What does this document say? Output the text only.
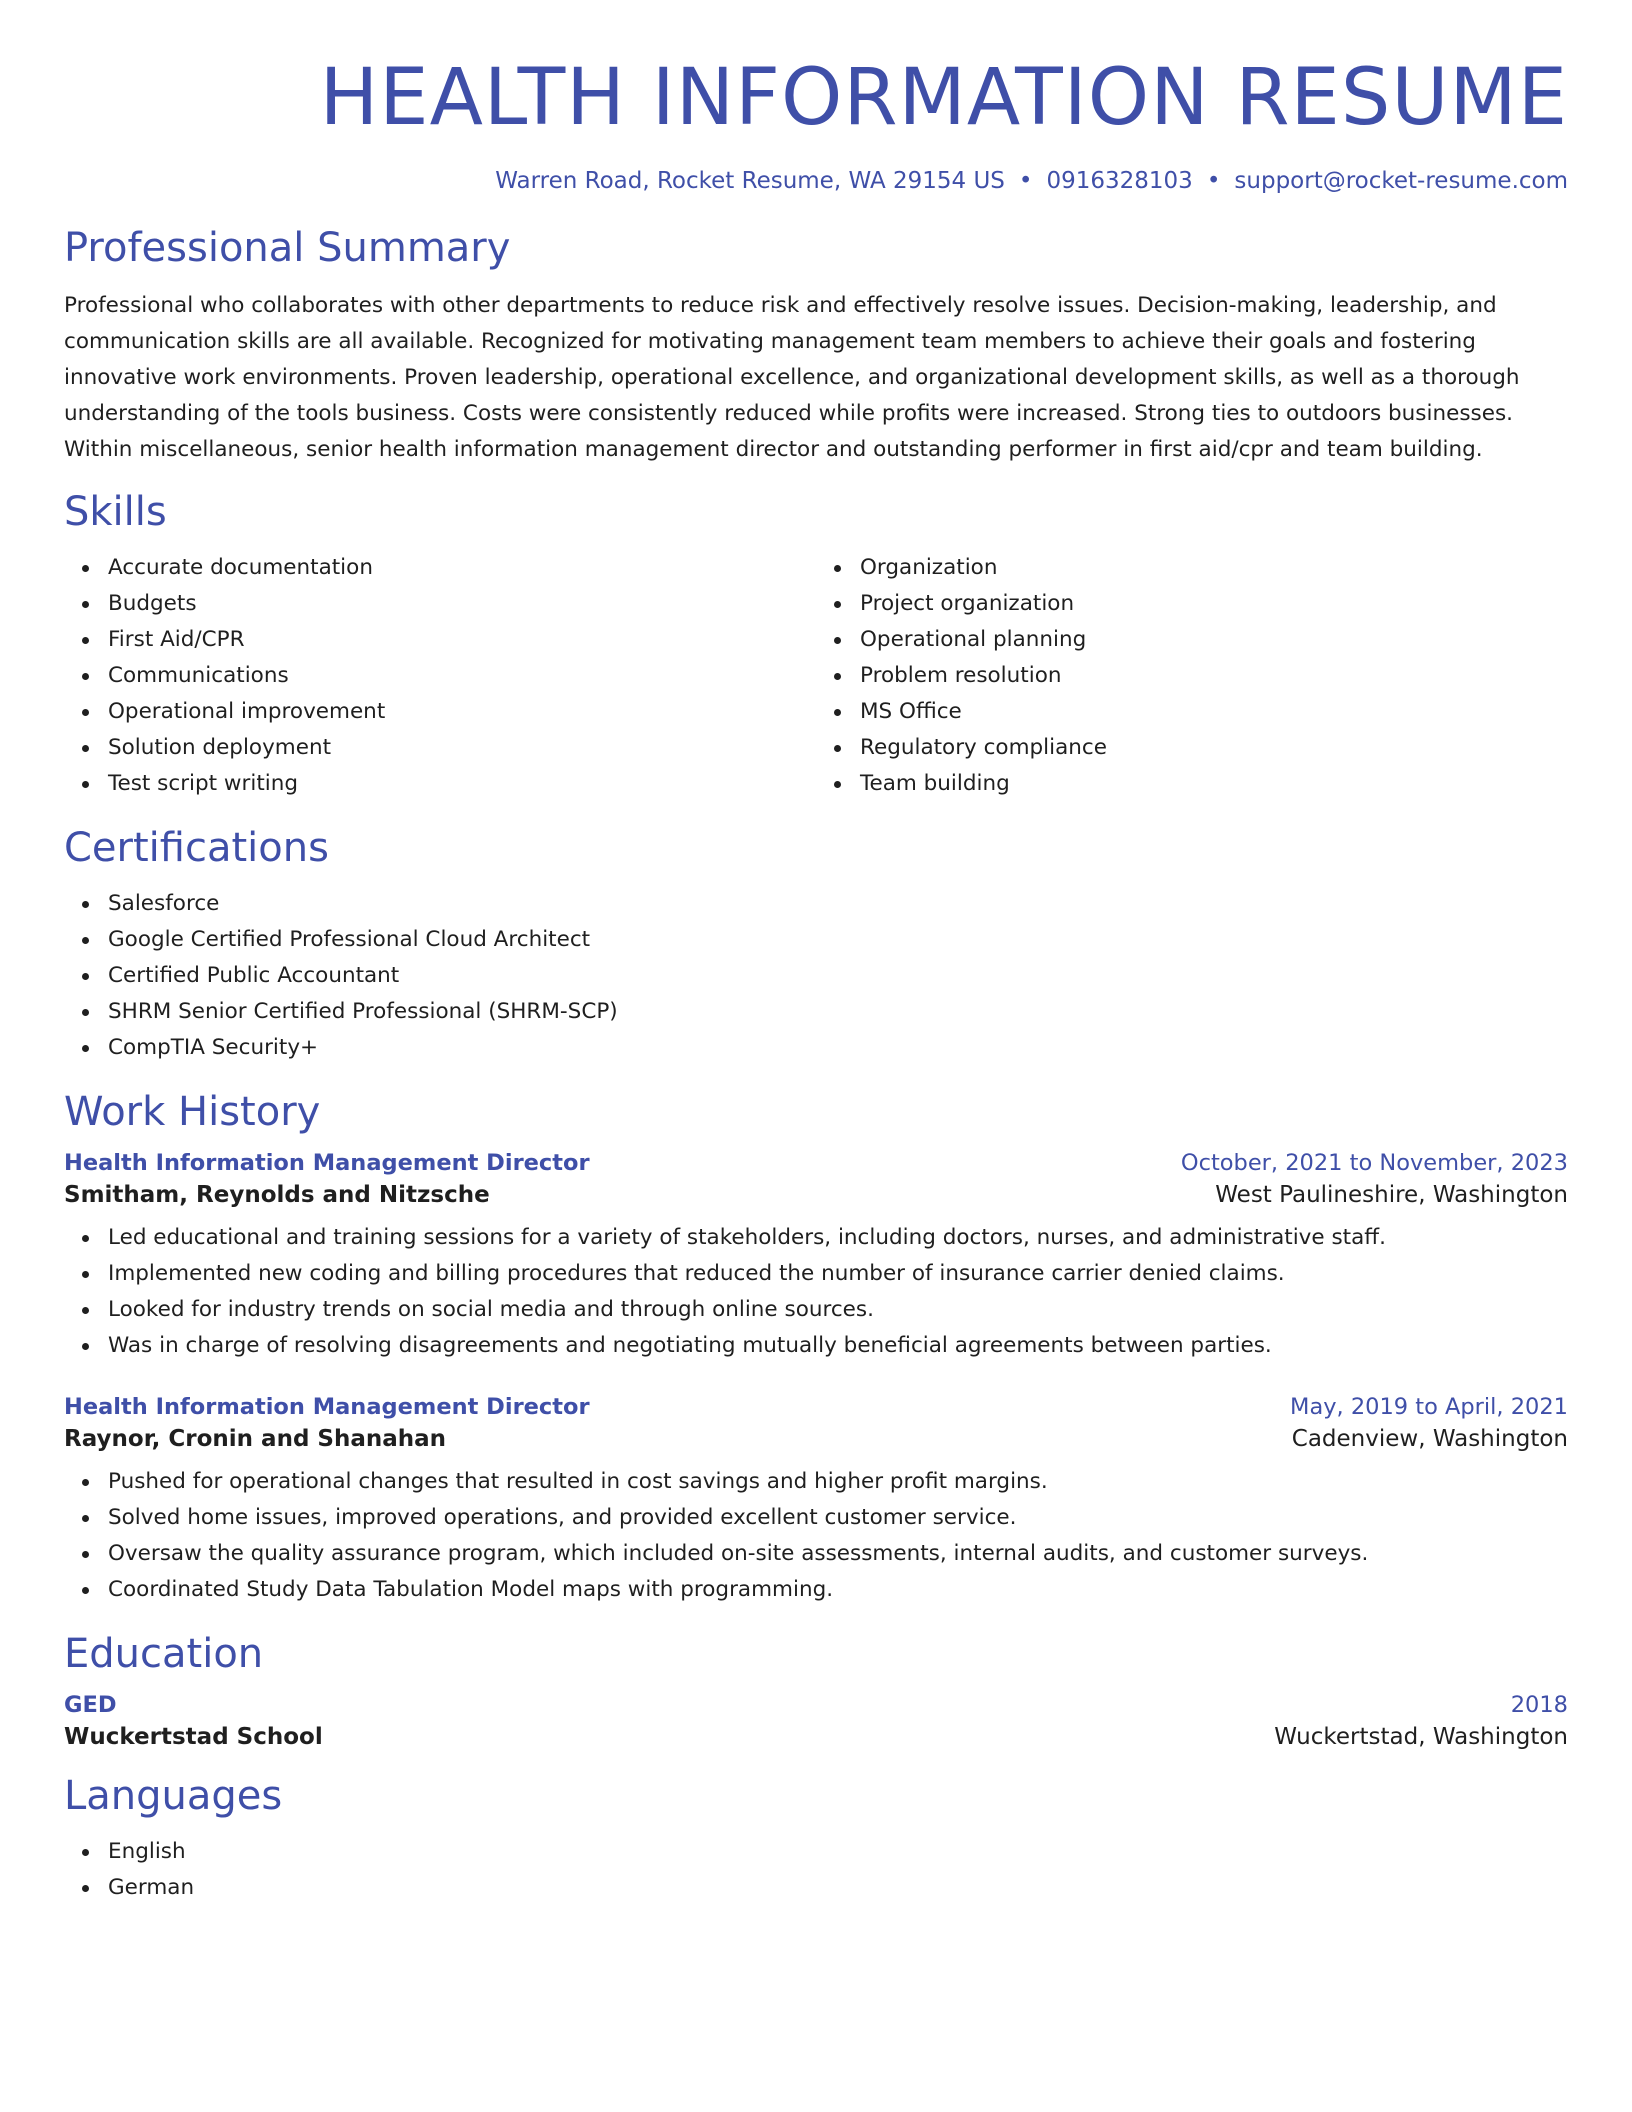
HEALTH INFORMATION RESUME
Warren Road, Rocket Resume, WA 29154 US • 0916328103 • support@rocket-resume.com
Professional Summary
Professional who collaborates with other departments to reduce risk and effectively resolve issues. Decision-making, leadership, and communication skills are all available. Recognized for motivating management team members to achieve their goals and fostering innovative work environments. Proven leadership, operational excellence, and organizational development skills, as well as a thorough understanding of the tools business. Costs were consistently reduced while profits were increased. Strong ties to outdoors businesses. Within miscellaneous, senior health information management director and outstanding performer in first aid/cpr and team building.
Skills
Accurate documentation
Budgets
First Aid/CPR
Communications
Operational improvement
Solution deployment
Test script writing
Organization
Project organization
Operational planning
Problem resolution
MS Office
Regulatory compliance
Team building
Certifications
Salesforce
Google Certified Professional Cloud Architect
Certified Public Accountant
SHRM Senior Certified Professional (SHRM-SCP)
CompTIA Security+
Work History
Health Information Management Director	October, 2021 to November, 2023
Smitham, Reynolds and Nitzsche	West Paulineshire, Washington
Led educational and training sessions for a variety of stakeholders, including doctors, nurses, and administrative staff.
Implemented new coding and billing procedures that reduced the number of insurance carrier denied claims.
Looked for industry trends on social media and through online sources.
Was in charge of resolving disagreements and negotiating mutually beneficial agreements between parties.
Health Information Management Director	May, 2019 to April, 2021
Raynor, Cronin and Shanahan	Cadenview, Washington
Pushed for operational changes that resulted in cost savings and higher profit margins.
Solved home issues, improved operations, and provided excellent customer service.
Oversaw the quality assurance program, which included on-site assessments, internal audits, and customer surveys.
Coordinated Study Data Tabulation Model maps with programming.
Education
GED	2018
Wuckertstad School	Wuckertstad, Washington
Languages
English
German
